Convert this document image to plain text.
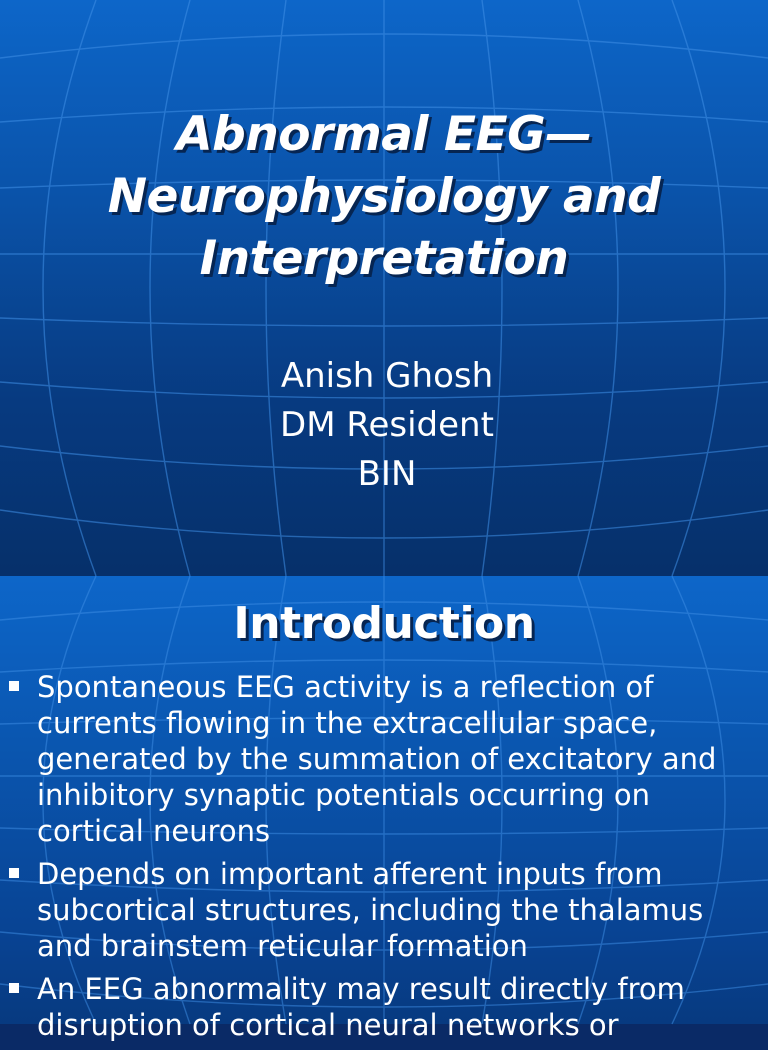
Abnormal EEG—
Neurophysiology and
Interpretation
Anish Ghosh
DM Resident
BIN
Introduction
Spontaneous EEG activity is a reflection of currents flowing in the extracellular space, generated by the summation of excitatory and inhibitory synaptic potentials occurring on cortical neurons
Depends on important afferent inputs from subcortical structures, including the thalamus and brainstem reticular formation
An EEG abnormality may result directly from disruption of cortical neural networks or
